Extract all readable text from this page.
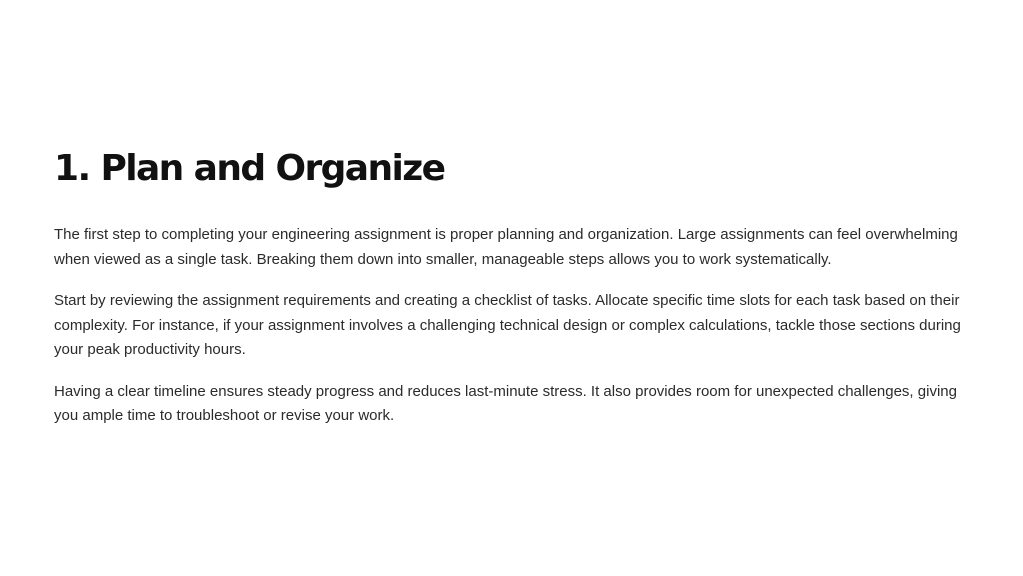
1. Plan and Organize

The first step to completing your engineering assignment is proper planning and organization. Large assignments can feel overwhelming when viewed as a single task. Breaking them down into smaller, manageable steps allows you to work systematically.

Start by reviewing the assignment requirements and creating a checklist of tasks. Allocate specific time slots for each task based on their complexity. For instance, if your assignment involves a challenging technical design or complex calculations, tackle those sections during your peak productivity hours.

Having a clear timeline ensures steady progress and reduces last-minute stress. It also provides room for unexpected challenges, giving you ample time to troubleshoot or revise your work.
